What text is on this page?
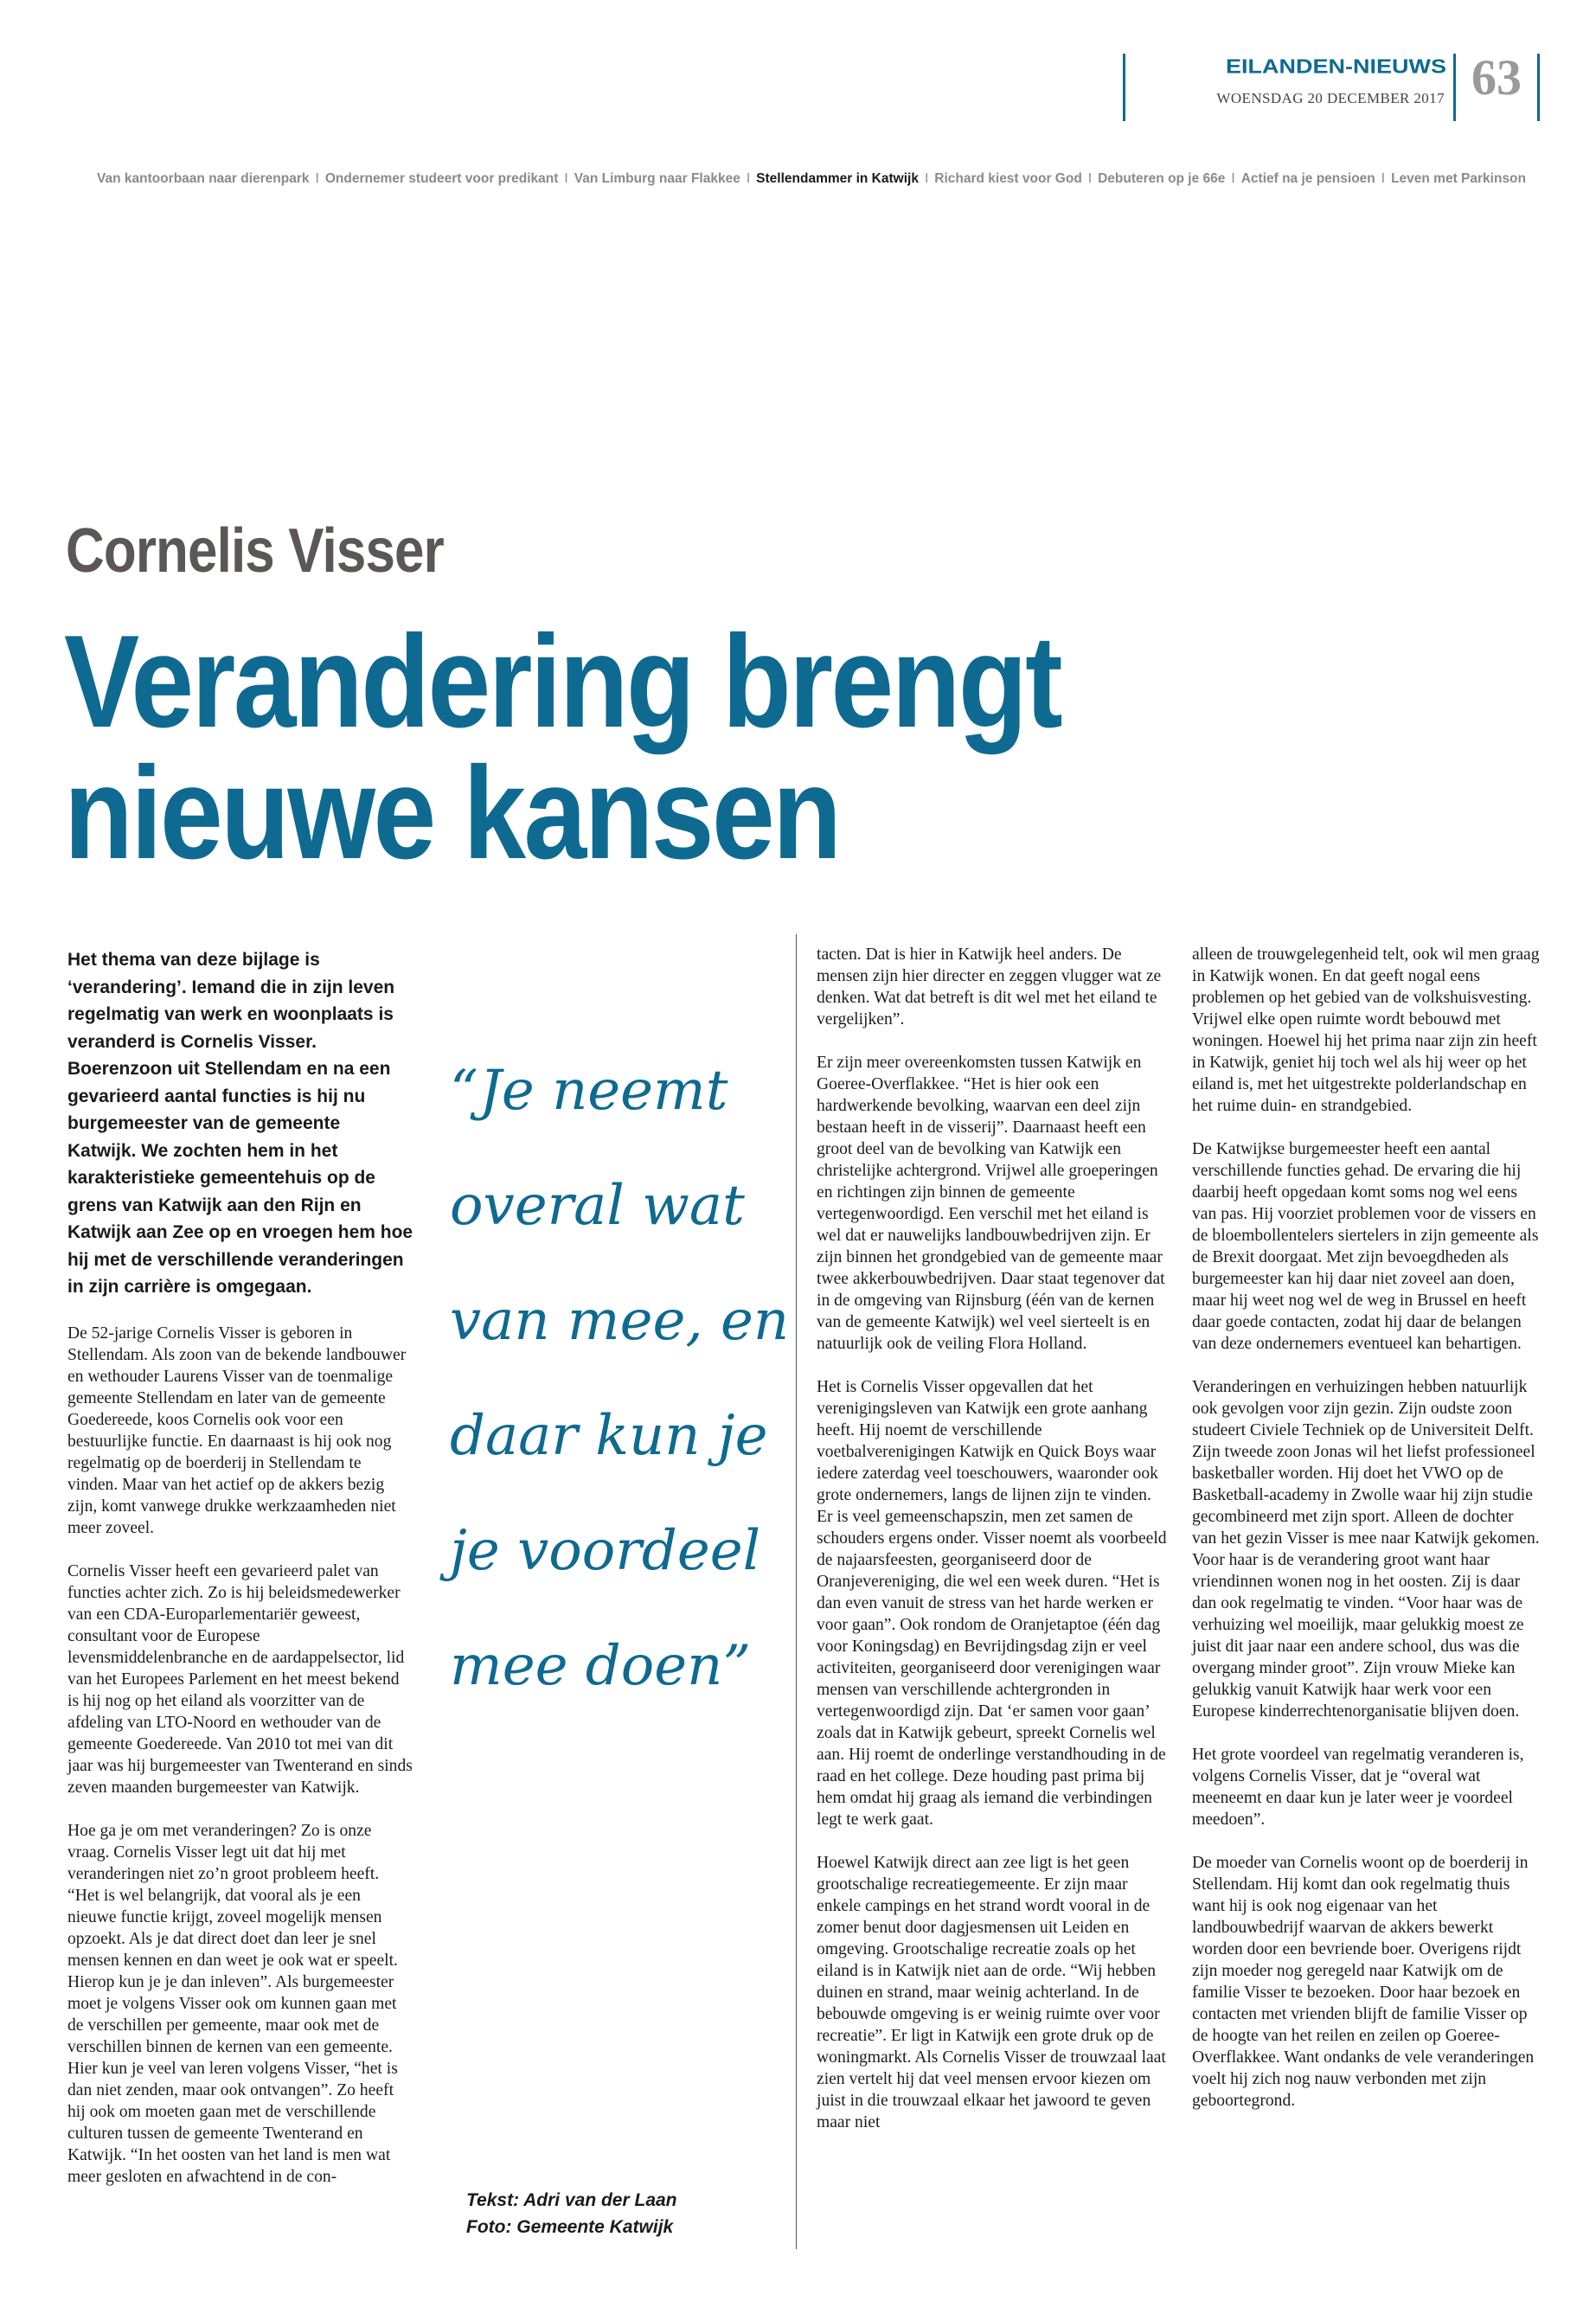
EILANDEN-NIEUWS
WOENSDAG 20 DECEMBER 2017 63
Van kantoorbaan naar dierenpark I Ondernemer studeert voor predikant I Van Limburg naar Flakkee I Stellendammer in Katwijk I Richard kiest voor God I Debuteren op je 66e I Actief na je pensioen I Leven met Parkinson
Cornelis Visser
Verandering brengt
nieuwe kansen

Het thema van deze bijlage is ‘verandering’. Iemand die in zijn leven regelmatig van werk en woonplaats is veranderd is Cornelis Visser. Boerenzoon uit Stellendam en na een gevarieerd aantal functies is hij nu burgemeester van de gemeente Katwijk. We zochten hem in het karakteristieke gemeentehuis op de grens van Katwijk aan den Rijn en Katwijk aan Zee op en vroegen hem hoe hij met de verschillende veranderingen in zijn carrière is omgegaan.

De 52-jarige Cornelis Visser is geboren in Stellendam. Als zoon van de bekende landbouwer en wethouder Laurens Visser van de toenmalige gemeente Stellendam en later van de gemeente Goedereede, koos Cornelis ook voor een bestuurlijke functie. En daarnaast is hij ook nog regelmatig op de boerderij in Stellendam te vinden. Maar van het actief op de akkers bezig zijn, komt vanwege drukke werkzaamheden niet meer zoveel.

Cornelis Visser heeft een gevarieerd palet van functies achter zich. Zo is hij beleidsmedewerker van een CDA-Europarlementariër geweest, consultant voor de Europese levensmiddelenbranche en de aardappelsector, lid van het Europees Parlement en het meest bekend is hij nog op het eiland als voorzitter van de afdeling van LTO-Noord en wethouder van de gemeente Goedereede. Van 2010 tot mei van dit jaar was hij burgemeester van Twenterand en sinds zeven maanden burgemeester van Katwijk.

Hoe ga je om met veranderingen? Zo is onze vraag. Cornelis Visser legt uit dat hij met veranderingen niet zo’n groot probleem heeft. “Het is wel belangrijk, dat vooral als je een nieuwe functie krijgt, zoveel mogelijk mensen opzoekt. Als je dat direct doet dan leer je snel mensen kennen en dan weet je ook wat er speelt. Hierop kun je je dan inleven”. Als burgemeester moet je volgens Visser ook om kunnen gaan met de verschillen per gemeente, maar ook met de verschillen binnen de kernen van een gemeente. Hier kun je veel van leren volgens Visser, “het is dan niet zenden, maar ook ontvangen”. Zo heeft hij ook om moeten gaan met de verschillende culturen tussen de gemeente Twenterand en Katwijk. “In het oosten van het land is men wat meer gesloten en afwachtend in de con-

“Je neemt
overal wat
van mee, en
daar kun je
je voordeel
mee doen”
Tekst: Adri van der Laan
Foto: Gemeente Katwijk

tacten. Dat is hier in Katwijk heel anders. De mensen zijn hier directer en zeggen vlugger wat ze denken. Wat dat betreft is dit wel met het eiland te vergelijken”.

Er zijn meer overeenkomsten tussen Katwijk en Goeree-Overflakkee. “Het is hier ook een hardwerkende bevolking, waarvan een deel zijn bestaan heeft in de visserij”. Daarnaast heeft een groot deel van de bevolking van Katwijk een christelijke achtergrond. Vrijwel alle groeperingen en richtingen zijn binnen de gemeente vertegenwoordigd. Een verschil met het eiland is wel dat er nauwelijks landbouwbedrijven zijn. Er zijn binnen het grondgebied van de gemeente maar twee akkerbouwbedrijven. Daar staat tegenover dat in de omgeving van Rijnsburg (één van de kernen van de gemeente Katwijk) wel veel sierteelt is en natuurlijk ook de veiling Flora Holland.

Het is Cornelis Visser opgevallen dat het verenigingsleven van Katwijk een grote aanhang heeft. Hij noemt de verschillende voetbalverenigingen Katwijk en Quick Boys waar iedere zaterdag veel toeschouwers, waaronder ook grote ondernemers, langs de lijnen zijn te vinden. Er is veel gemeenschapszin, men zet samen de schouders ergens onder. Visser noemt als voorbeeld de najaarsfeesten, georganiseerd door de Oranjevereniging, die wel een week duren. “Het is dan even vanuit de stress van het harde werken er voor gaan”. Ook rondom de Oranjetaptoe (één dag voor Koningsdag) en Bevrijdingsdag zijn er veel activiteiten, georganiseerd door verenigingen waar mensen van verschillende achtergronden in vertegenwoordigd zijn. Dat ‘er samen voor gaan’ zoals dat in Katwijk gebeurt, spreekt Cornelis wel aan. Hij roemt de onderlinge verstandhouding in de raad en het college. Deze houding past prima bij hem omdat hij graag als iemand die verbindingen legt te werk gaat.

Hoewel Katwijk direct aan zee ligt is het geen grootschalige recreatiegemeente. Er zijn maar enkele campings en het strand wordt vooral in de zomer benut door dagjesmensen uit Leiden en omgeving. Grootschalige recreatie zoals op het eiland is in Katwijk niet aan de orde. “Wij hebben duinen en strand, maar weinig achterland. In de bebouwde omgeving is er weinig ruimte over voor recreatie”. Er ligt in Katwijk een grote druk op de woningmarkt. Als Cornelis Visser de trouwzaal laat zien vertelt hij dat veel mensen ervoor kiezen om juist in die trouwzaal elkaar het jawoord te geven maar niet

alleen de trouwgelegenheid telt, ook wil men graag in Katwijk wonen. En dat geeft nogal eens problemen op het gebied van de volkshuisvesting. Vrijwel elke open ruimte wordt bebouwd met woningen. Hoewel hij het prima naar zijn zin heeft in Katwijk, geniet hij toch wel als hij weer op het eiland is, met het uitgestrekte polderlandschap en het ruime duin- en strandgebied.

De Katwijkse burgemeester heeft een aantal verschillende functies gehad. De ervaring die hij daarbij heeft opgedaan komt soms nog wel eens van pas. Hij voorziet problemen voor de vissers en de bloembollentelers siertelers in zijn gemeente als de Brexit doorgaat. Met zijn bevoegdheden als burgemeester kan hij daar niet zoveel aan doen, maar hij weet nog wel de weg in Brussel en heeft daar goede contacten, zodat hij daar de belangen van deze ondernemers eventueel kan behartigen.

Veranderingen en verhuizingen hebben natuurlijk ook gevolgen voor zijn gezin. Zijn oudste zoon studeert Civiele Techniek op de Universiteit Delft. Zijn tweede zoon Jonas wil het liefst professioneel basketballer worden. Hij doet het VWO op de Basketball-academy in Zwolle waar hij zijn studie gecombineerd met zijn sport. Alleen de dochter van het gezin Visser is mee naar Katwijk gekomen. Voor haar is de verandering groot want haar vriendinnen wonen nog in het oosten. Zij is daar dan ook regelmatig te vinden. “Voor haar was de verhuizing wel moeilijk, maar gelukkig moest ze juist dit jaar naar een andere school, dus was die overgang minder groot”. Zijn vrouw Mieke kan gelukkig vanuit Katwijk haar werk voor een Europese kinderrechtenorganisatie blijven doen.

Het grote voordeel van regelmatig veranderen is, volgens Cornelis Visser, dat je “overal wat meeneemt en daar kun je later weer je voordeel meedoen”.

De moeder van Cornelis woont op de boerderij in Stellendam. Hij komt dan ook regelmatig thuis want hij is ook nog eigenaar van het landbouwbedrijf waarvan de akkers bewerkt worden door een bevriende boer. Overigens rijdt zijn moeder nog geregeld naar Katwijk om de familie Visser te bezoeken. Door haar bezoek en contacten met vrienden blijft de familie Visser op de hoogte van het reilen en zeilen op Goeree-Overflakkee. Want ondanks de vele veranderingen voelt hij zich nog nauw verbonden met zijn geboortegrond.
